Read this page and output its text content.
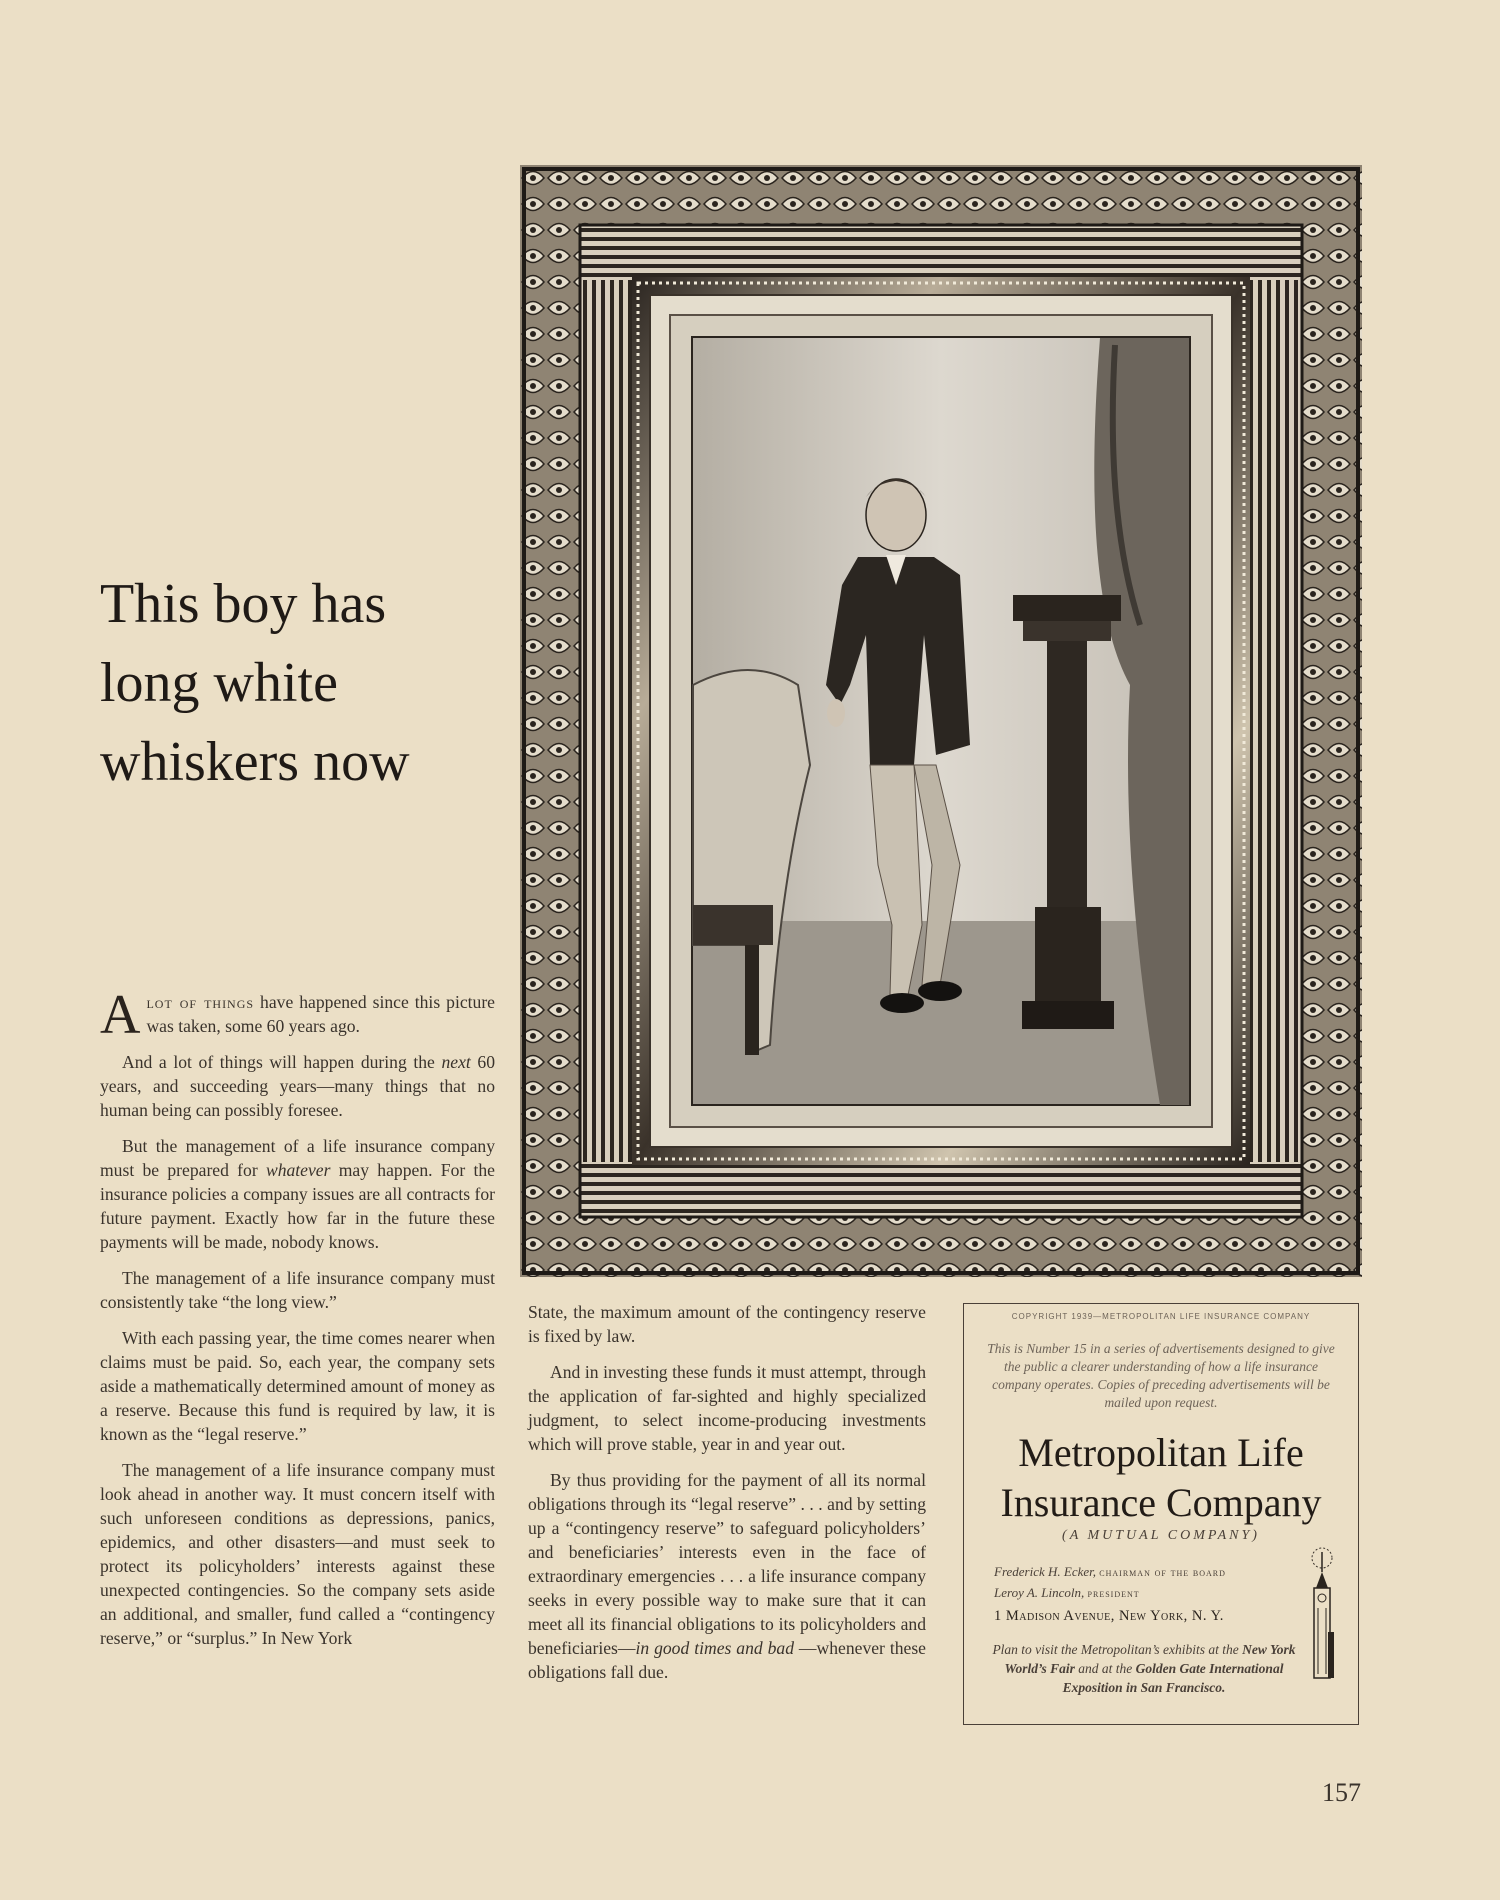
This boy has
long white
whiskers now

Alot of things have happened since this picture was taken, some 60 years ago.

And a lot of things will happen during the next 60 years, and succeeding years—many things that no human being can possibly foresee.

But the management of a life insurance company must be prepared for whatever may happen. For the insurance policies a company issues are all contracts for future payment. Exactly how far in the future these payments will be made, nobody knows.

The management of a life insurance company must consistently take “the long view.”

With each passing year, the time comes nearer when claims must be paid. So, each year, the company sets aside a mathematically determined amount of money as a reserve. Because this fund is required by law, it is known as the “legal reserve.”

The management of a life insurance company must look ahead in another way. It must concern itself with such unforeseen conditions as depressions, panics, epidemics, and other disasters—and must seek to protect its policyholders’ interests against these unexpected contingencies. So the company sets aside an additional, and smaller, fund called a “contingency reserve,” or “surplus.” In New York

State, the maximum amount of the contingency reserve is fixed by law.

And in investing these funds it must attempt, through the application of far-sighted and highly specialized judgment, to select income-producing investments which will prove stable, year in and year out.

By thus providing for the payment of all its normal obligations through its “legal reserve” . . . and by setting up a “contingency reserve” to safeguard policyholders’ and beneficiaries’ interests even in the face of extraordinary emergencies . . . a life insurance company seeks in every possible way to make sure that it can meet all its financial obligations to its policyholders and beneficiaries—in good times and bad —whenever these obligations fall due.

COPYRIGHT 1939—METROPOLITAN LIFE INSURANCE COMPANY
This is Number 15 in a series of advertisements designed to give the public a clearer understanding of how a life insurance company operates. Copies of preceding advertisements will be mailed upon request.
Metropolitan Life
Insurance Company
(A MUTUAL COMPANY)
Frederick H. Ecker, chairman of the board
Leroy A. Lincoln, president
1 Madison Avenue, New York, N. Y.
Plan to visit the Metropolitan’s exhibits at the New York World’s Fair and at the Golden Gate International Exposition in San Francisco.
157
